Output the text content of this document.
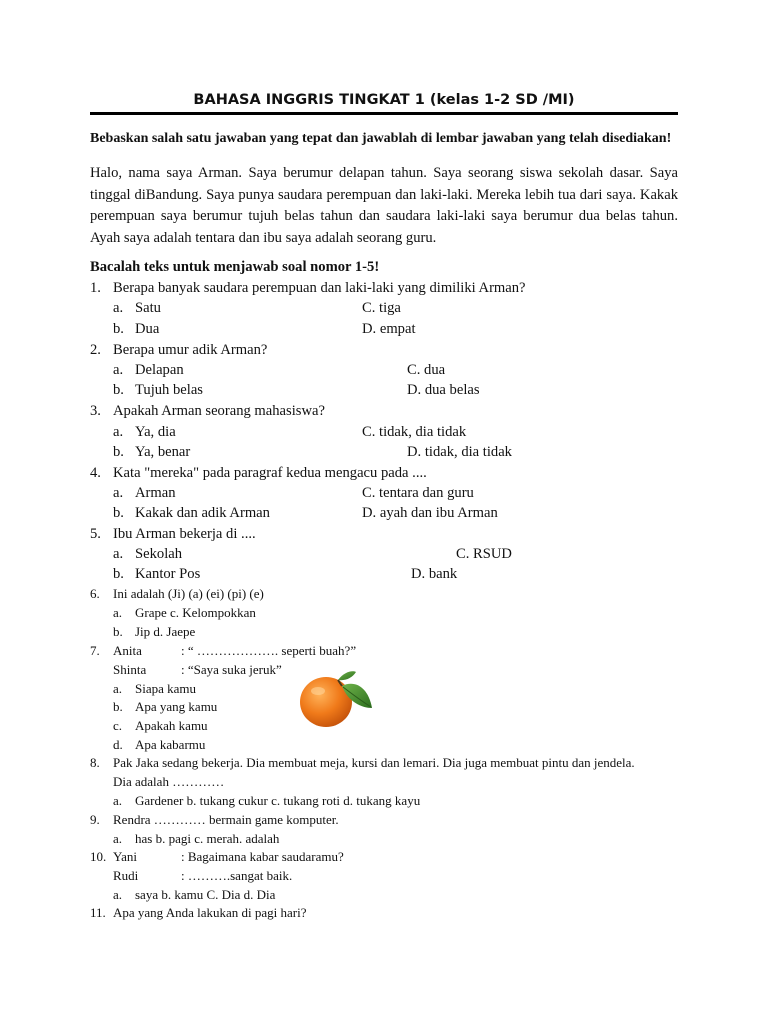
BAHASA INGGRIS TINGKAT 1 (kelas 1-2 SD /MI)
Bebaskan salah satu jawaban yang tepat dan jawablah di lembar jawaban yang telah disediakan!
Halo, nama saya Arman. Saya berumur delapan tahun. Saya seorang siswa sekolah dasar. Saya tinggal diBandung. Saya punya saudara perempuan dan laki-laki. Mereka lebih tua dari saya. Kakak perempuan saya berumur tujuh belas tahun dan saudara laki-laki saya berumur dua belas tahun. Ayah saya adalah tentara dan ibu saya adalah seorang guru.
Bacalah teks untuk menjawab soal nomor 1-5!
1. Berapa banyak saudara perempuan dan laki-laki yang dimiliki Arman?
a. Satu	C. tiga
b. Dua	D. empat
2. Berapa umur adik Arman?
a. Delapan	C. dua
b. Tujuh belas	D. dua belas
3. Apakah Arman seorang mahasiswa?
a. Ya, dia	C. tidak, dia tidak
b. Ya, benar	D. tidak, dia tidak
4. Kata "mereka" pada paragraf kedua mengacu pada ....
a. Arman	C. tentara dan guru
b. Kakak dan adik Arman	D. ayah dan ibu Arman
5. Ibu Arman bekerja di ....
a. Sekolah	C. RSUD
b. Kantor Pos	D. bank
6. Ini adalah (Ji) (a) (ei) (pi) (e)
a. Grape c. Kelompokkan
b. Jip d. Jaepe
7. Anita	: “ ………………. seperti buah?”
Shinta	: “Saya suka jeruk”
a. Siapa kamu
b. Apa yang kamu
c. Apakah kamu
d. Apa kabarmu
8. Pak Jaka sedang bekerja. Dia membuat meja, kursi dan lemari. Dia juga membuat pintu dan jendela.
Dia adalah …………
a. Gardener b. tukang cukur c. tukang roti d. tukang kayu
9. Rendra ………… bermain game komputer.
a. has b. pagi c. merah. adalah
10. Yani	: Bagaimana kabar saudaramu?
Rudi	: ……….sangat baik.
a. saya b. kamu C. Dia d. Dia
11. Apa yang Anda lakukan di pagi hari?
